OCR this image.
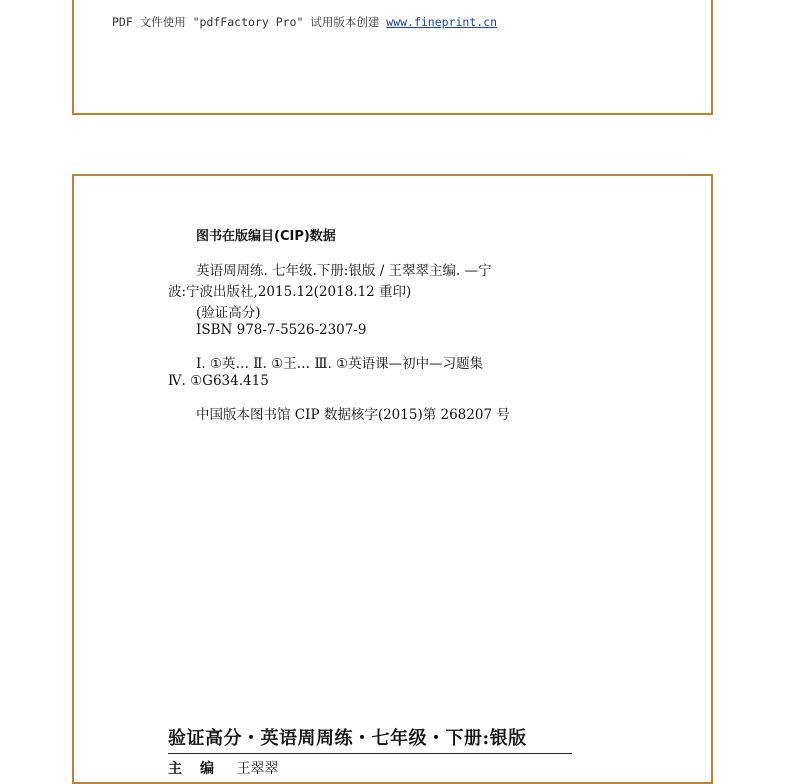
PDF 文件使用 "pdfFactory Pro" 试用版本创建 www.fineprint.cn
图书在版编目(CIP)数据
英语周周练. 七年级.下册:银版 / 王翠翠主编. —宁
波:宁波出版社,2015.12(2018.12 重印)
(验证高分)
ISBN 978-7-5526-2307-9
Ⅰ. ①英… Ⅱ. ①王… Ⅲ. ①英语课—初中—习题集
Ⅳ. ①G634.415
中国版本图书馆 CIP 数据核字(2015)第 268207 号
验证高分・英语周周练・七年级・下册:银版
主编 王翠翠
